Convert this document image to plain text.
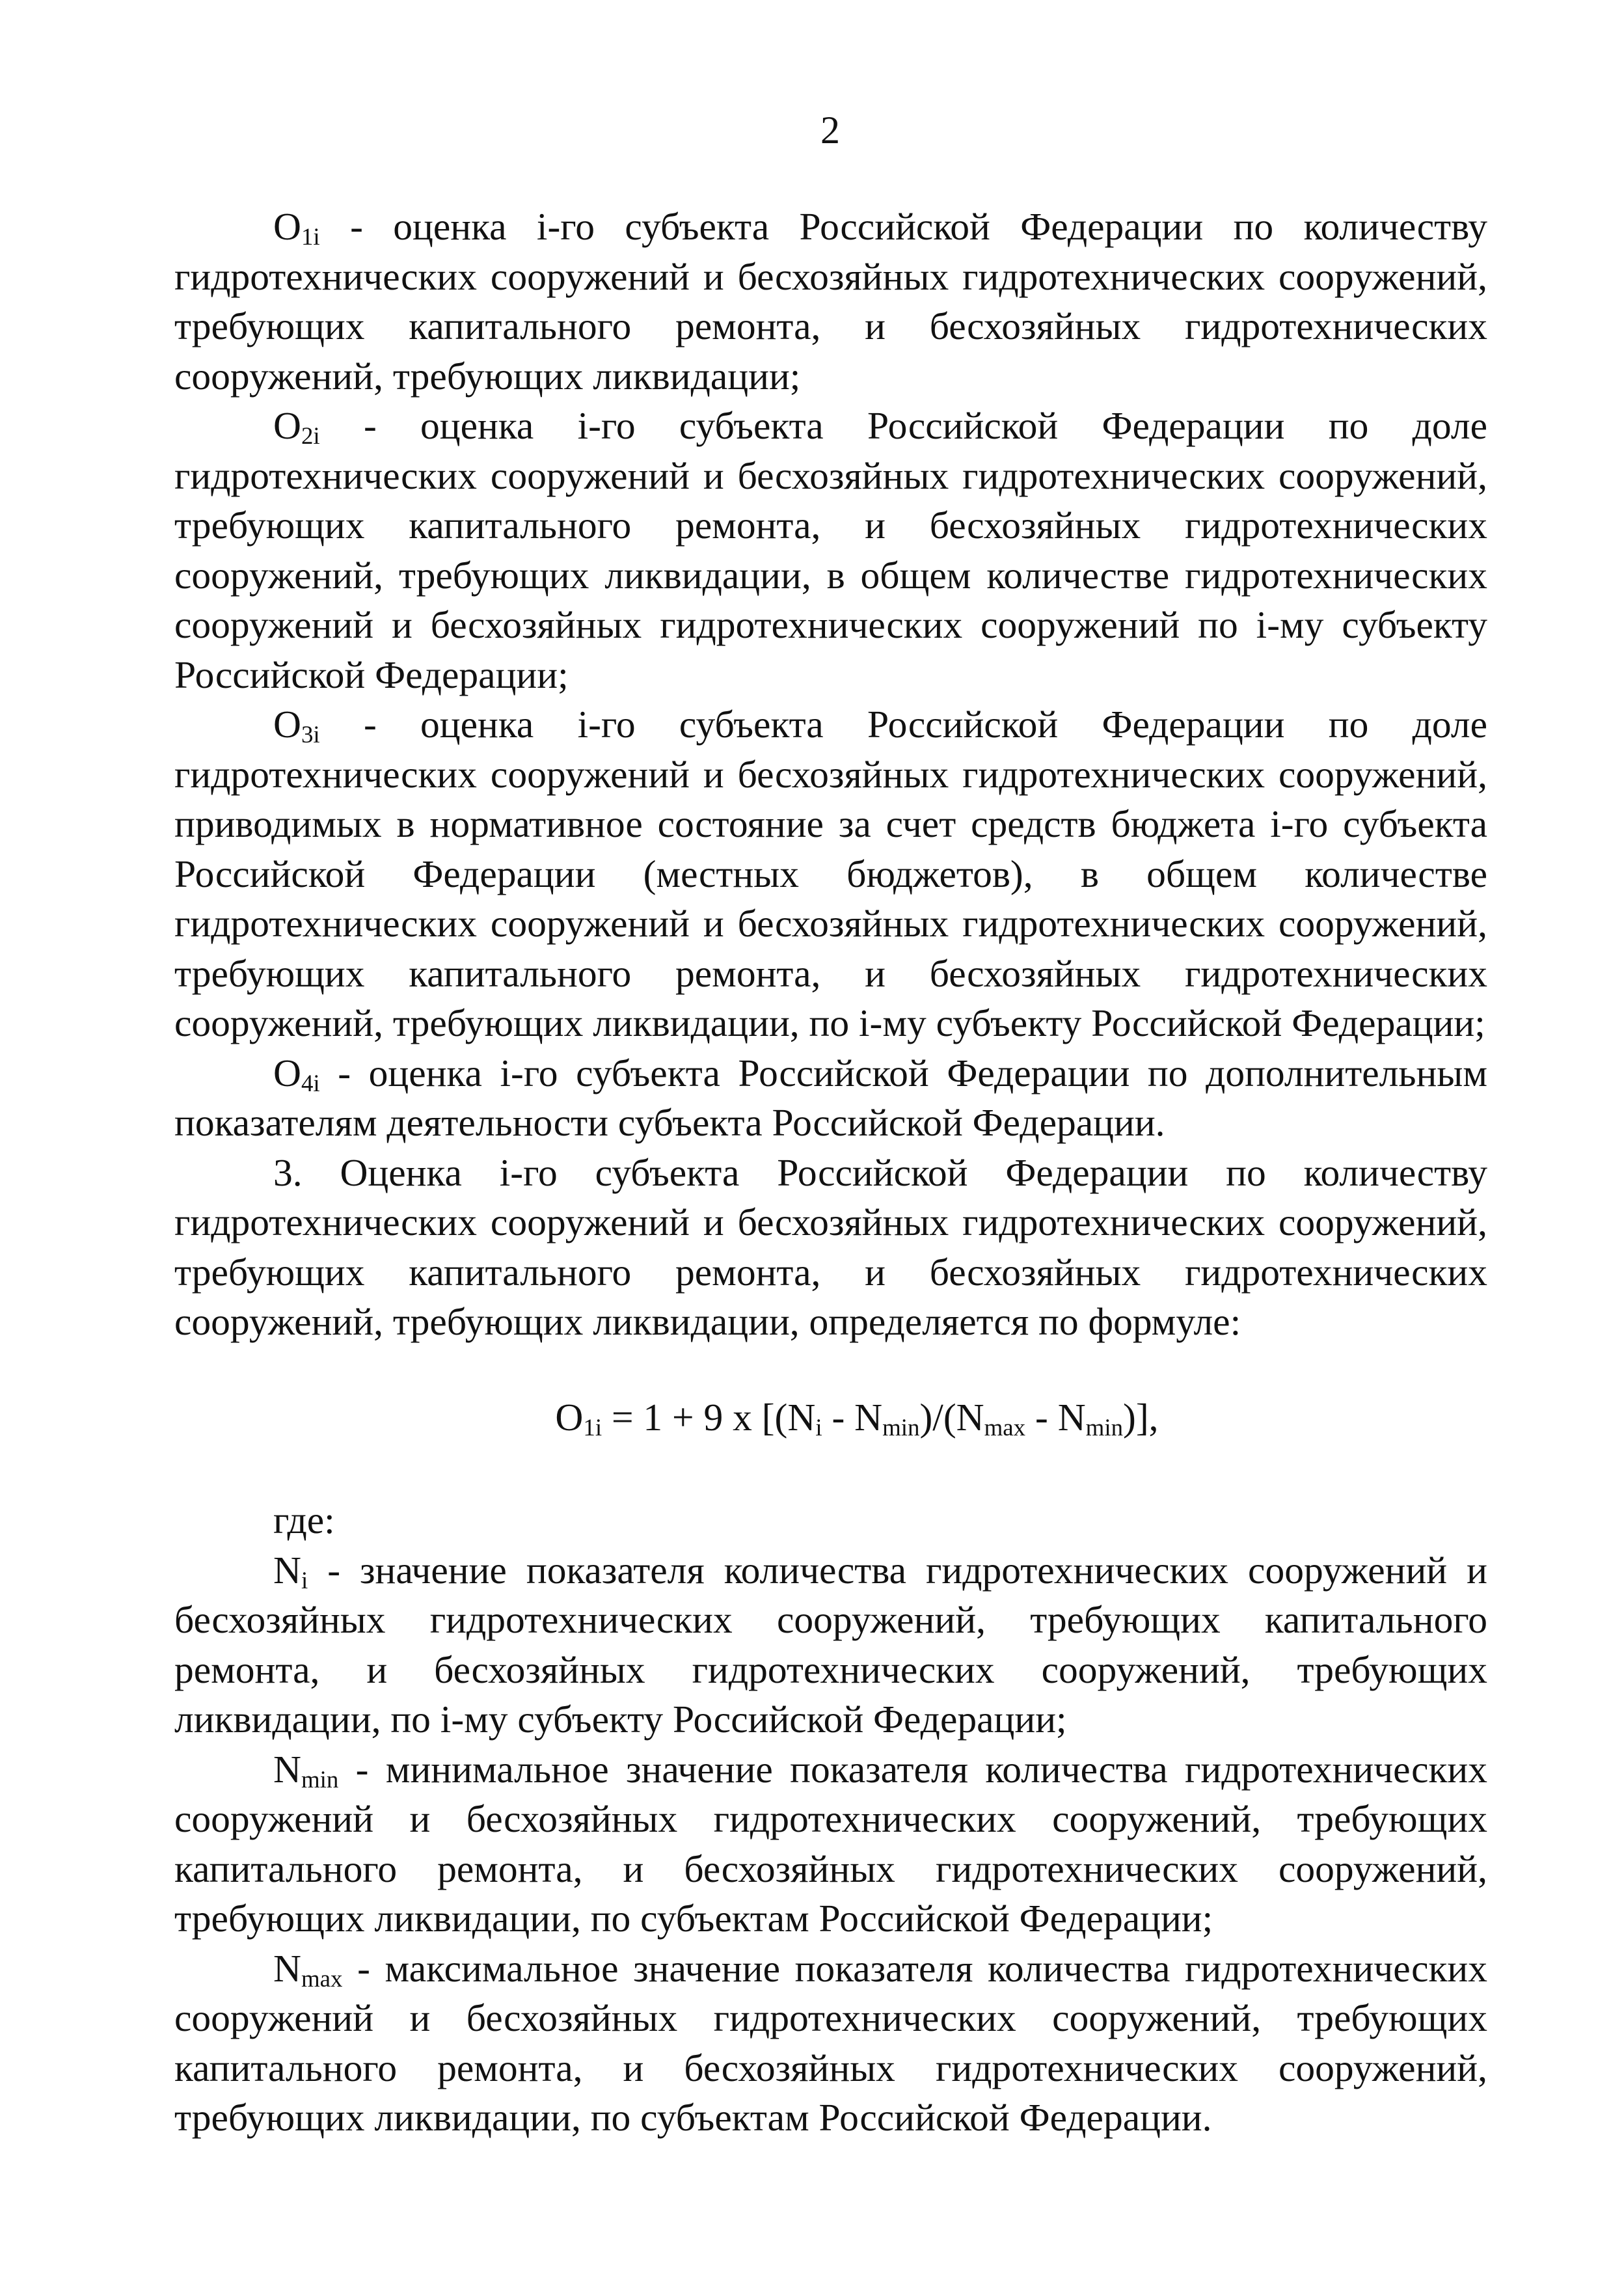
2

$O_{1i}$ - оценка i-го субъекта Российской Федерации по количеству гидротехнических сооружений и бесхозяйных гидротехнических сооружений, требующих капитального ремонта, и бесхозяйных гидротехнических сооружений, требующих ликвидации;

$O_{2i}$ - оценка i-го субъекта Российской Федерации по доле гидротехнических сооружений и бесхозяйных гидротехнических сооружений, требующих капитального ремонта, и бесхозяйных гидротехнических сооружений, требующих ликвидации, в общем количестве гидротехнических сооружений и бесхозяйных гидротехнических сооружений по i-му субъекту Российской Федерации;

$O_{3i}$ - оценка i-го субъекта Российской Федерации по доле гидротехнических сооружений и бесхозяйных гидротехнических сооружений, приводимых в нормативное состояние за счет средств бюджета i-го субъекта Российской Федерации (местных бюджетов), в общем количестве гидротехнических сооружений и бесхозяйных гидротехнических сооружений, требующих капитального ремонта, и бесхозяйных гидротехнических сооружений, требующих ликвидации, по i-му субъекту Российской Федерации;

$O_{4i}$ - оценка i-го субъекта Российской Федерации по дополнительным показателям деятельности субъекта Российской Федерации.

3. Оценка i-го субъекта Российской Федерации по количеству гидротехнических сооружений и бесхозяйных гидротехнических сооружений, требующих капитального ремонта, и бесхозяйных гидротехнических сооружений, требующих ликвидации, определяется по формуле:

$O_{1i} = 1 + 9$ x $[(N_i - N_{min})/(N_{max} - N_{min})]$,

где:

$N_i$ - значение показателя количества гидротехнических сооружений и бесхозяйных гидротехнических сооружений, требующих капитального ремонта, и бесхозяйных гидротехнических сооружений, требующих ликвидации, по i-му субъекту Российской Федерации;

$N_{min}$ - минимальное значение показателя количества гидротехнических сооружений и бесхозяйных гидротехнических сооружений, требующих капитального ремонта, и бесхозяйных гидротехнических сооружений, требующих ликвидации, по субъектам Российской Федерации;

$N_{max}$ - максимальное значение показателя количества гидротехнических сооружений и бесхозяйных гидротехнических сооружений, требующих капитального ремонта, и бесхозяйных гидротехнических сооружений, требующих ликвидации, по субъектам Российской Федерации.
